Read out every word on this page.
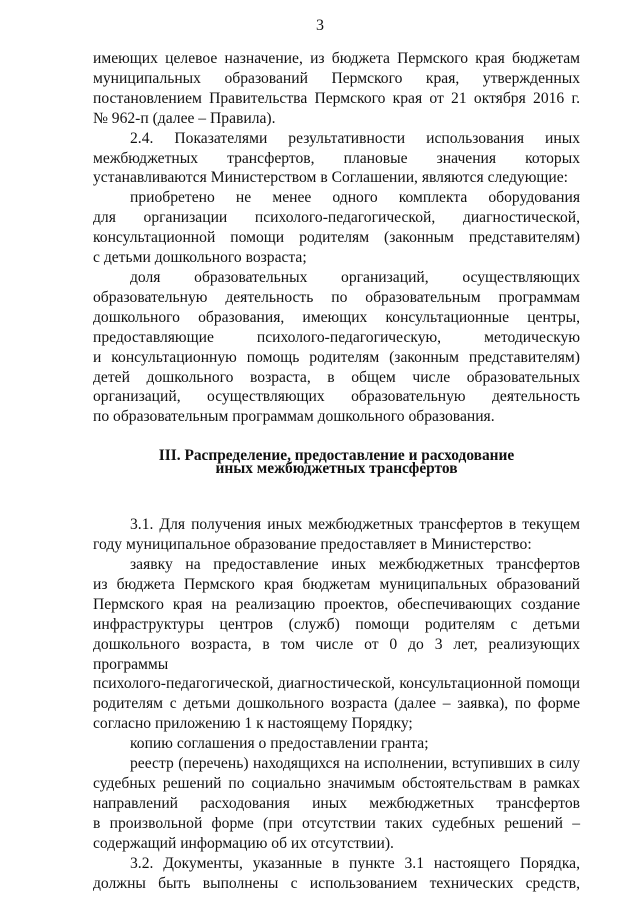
3
имеющих целевое назначение, из бюджета Пермского края бюджетам
муниципальных образований Пермского края, утвержденных
постановлением Правительства Пермского края от 21 октября 2016 г.
№ 962-п (далее – Правила).
2.4. Показателями результативности использования иных
межбюджетных трансфертов, плановые значения которых
устанавливаются Министерством в Соглашении, являются следующие:
приобретено не менее одного комплекта оборудования
для организации психолого-педагогической, диагностической,
консультационной помощи родителям (законным представителям)
с детьми дошкольного возраста;
доля образовательных организаций, осуществляющих
образовательную деятельность по образовательным программам
дошкольного образования, имеющих консультационные центры,
предоставляющие психолого-педагогическую, методическую
и консультационную помощь родителям (законным представителям)
детей дошкольного возраста, в общем числе образовательных
организаций, осуществляющих образовательную деятельность
по образовательным программам дошкольного образования.
III. Распределение, предоставление и расходование
иных межбюджетных трансфертов
3.1. Для получения иных межбюджетных трансфертов в текущем
году муниципальное образование предоставляет в Министерство:
заявку на предоставление иных межбюджетных трансфертов
из бюджета Пермского края бюджетам муниципальных образований
Пермского края на реализацию проектов, обеспечивающих создание
инфраструктуры центров (служб) помощи родителям с детьми
дошкольного возраста, в том числе от 0 до 3 лет, реализующих программы
психолого-педагогической, диагностической, консультационной помощи
родителям с детьми дошкольного возраста (далее – заявка), по форме
согласно приложению 1 к настоящему Порядку;
копию соглашения о предоставлении гранта;
реестр (перечень) находящихся на исполнении, вступивших в силу
судебных решений по социально значимым обстоятельствам в рамках
направлений расходования иных межбюджетных трансфертов
в произвольной форме (при отсутствии таких судебных решений –
содержащий информацию об их отсутствии).
3.2. Документы, указанные в пункте 3.1 настоящего Порядка,
должны быть выполнены с использованием технических средств,
